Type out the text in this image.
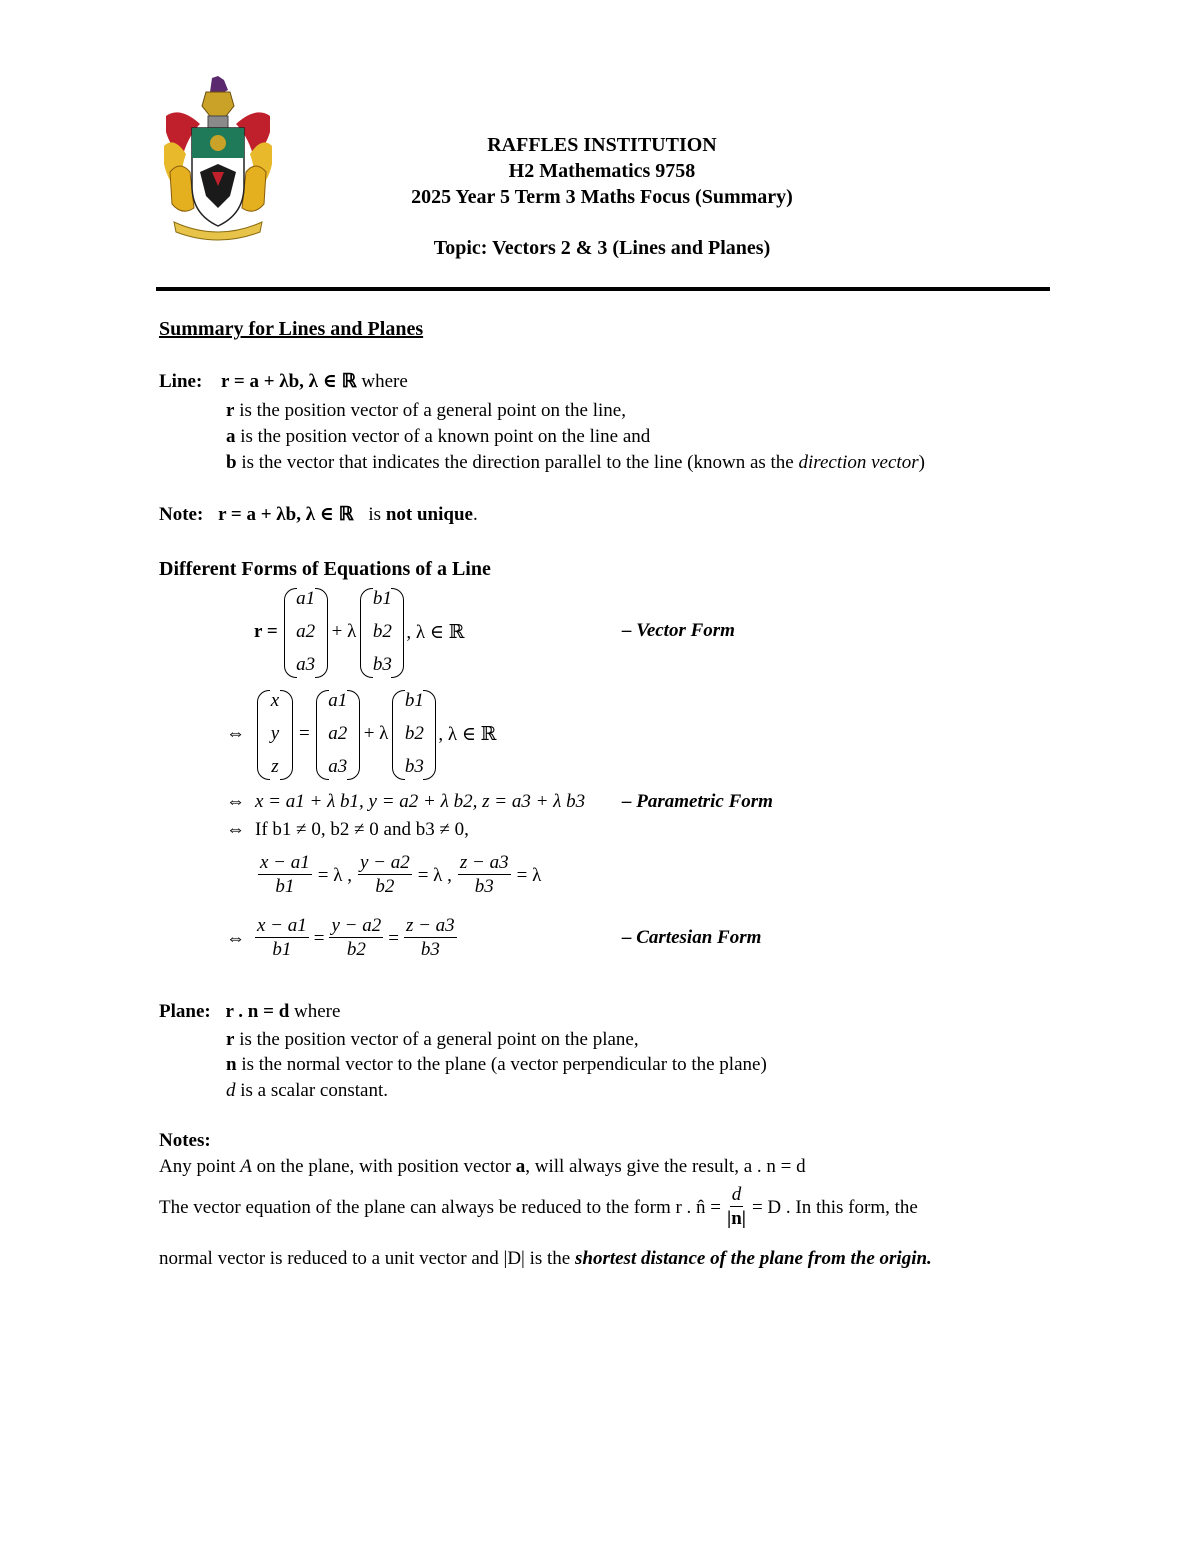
RAFFLES INSTITUTION
H2 Mathematics 9758
2025 Year 5 Term 3 Maths Focus (Summary)
Topic: Vectors 2 & 3 (Lines and Planes)
Summary for Lines and Planes
Line: r = a + λb, λ ∈ ℝ where
r is the position vector of a general point on the line,
a is the position vector of a known point on the line and
b is the vector that indicates the direction parallel to the line (known as the direction vector)
Note: r = a + λb, λ ∈ ℝ is not unique.
Different Forms of Equations of a Line
r =
a1
a2
a3
+ λ
b1
b2
b3
, λ ∈ ℝ	– Vector Form
⇔
x
y
z
=
a1
a2
a3
+ λ
b1
b2
b3
, λ ∈ ℝ
⇔ x = a1 + λ b1, y = a2 + λ b2, z = a3 + λ b3 – Parametric Form
⇔ If b1 ≠ 0, b2 ≠ 0 and b3 ≠ 0,
$\frac{x - a1}{b1} = \lambda$ , $\frac{y - a2}{b2} = \lambda$ , $\frac{z - a3}{b3} = \lambda$
⇔ $\frac{x - a1}{b1} = \frac{y - a2}{b2} = \frac{z - a3}{b3}$	– Cartesian Form
Plane: r . n = d where
r is the position vector of a general point on the plane,
n is the normal vector to the plane (a vector perpendicular to the plane)
d is a scalar constant.
Notes:
Any point A on the plane, with position vector a, will always give the result, a . n = d
The vector equation of the plane can always be reduced to the form r . n̂ = $\frac{d}{|n|} = D$ . In this form, the
normal vector is reduced to a unit vector and |D| is the shortest distance of the plane from the origin.
